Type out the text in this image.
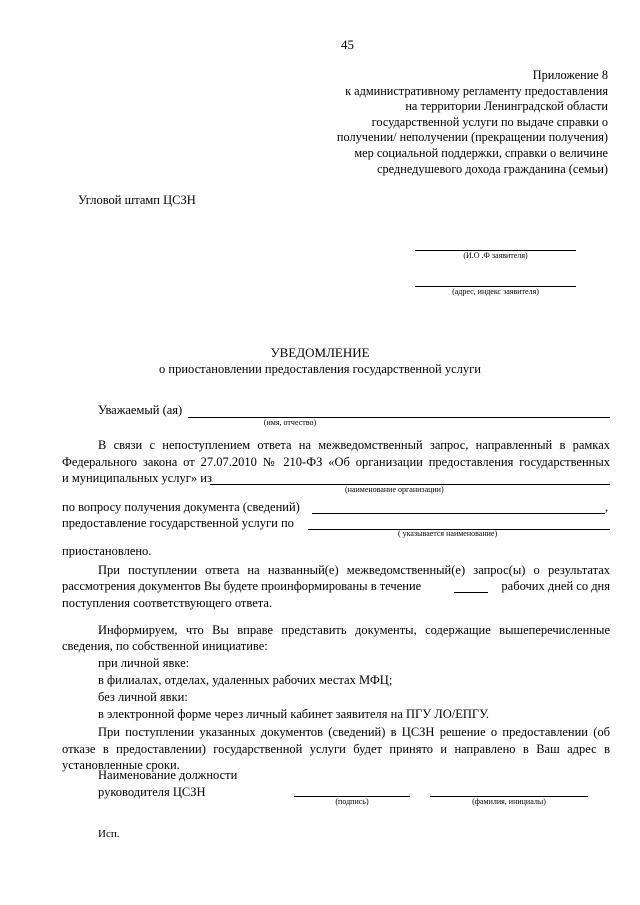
45
Приложение 8
к административному регламенту предоставления
на территории Ленинградской области
государственной услуги по выдаче справки о
получении/ неполучении (прекращении получения)
мер социальной поддержки, справки о величине
среднедушевого дохода гражданина (семьи)
Угловой штамп ЦСЗН
(И.О .Ф заявителя)
(адрес, индекс заявителя)
УВЕДОМЛЕНИЕ
о приостановлении предоставления государственной услуги
Уважаемый (ая)
(имя, отчество)
В связи с непоступлением ответа на межведомственный запрос, направленный в рамках
Федерального закона от 27.07.2010 № 210-ФЗ «Об организации предоставления государственных
и муниципальных услуг» из
(наименование организации)
по вопросу получения документа (сведений)	,
предоставление государственной услуги по
( указывается наименование)
приостановлено.
При поступлении ответа на названный(е) межведомственный(е) запрос(ы) о результатах
рассмотрения документов Вы будете проинформированы в течение	рабочих дней со дня
поступления соответствующего ответа.
Информируем, что Вы вправе представить документы, содержащие вышеперечисленные
сведения, по собственной инициативе:
при личной явке:
в филиалах, отделах, удаленных рабочих местах МФЦ;
без личной явки:
в электронной форме через личный кабинет заявителя на ПГУ ЛО/ЕПГУ.
При поступлении указанных документов (сведений) в ЦСЗН решение о предоставлении (об
отказе в предоставлении) государственной услуги будет принято и направлено в Ваш адрес в
установленные сроки.
Наименование должности
руководителя ЦСЗН
(подпись)	(фамилия, инициалы)
Исп.
